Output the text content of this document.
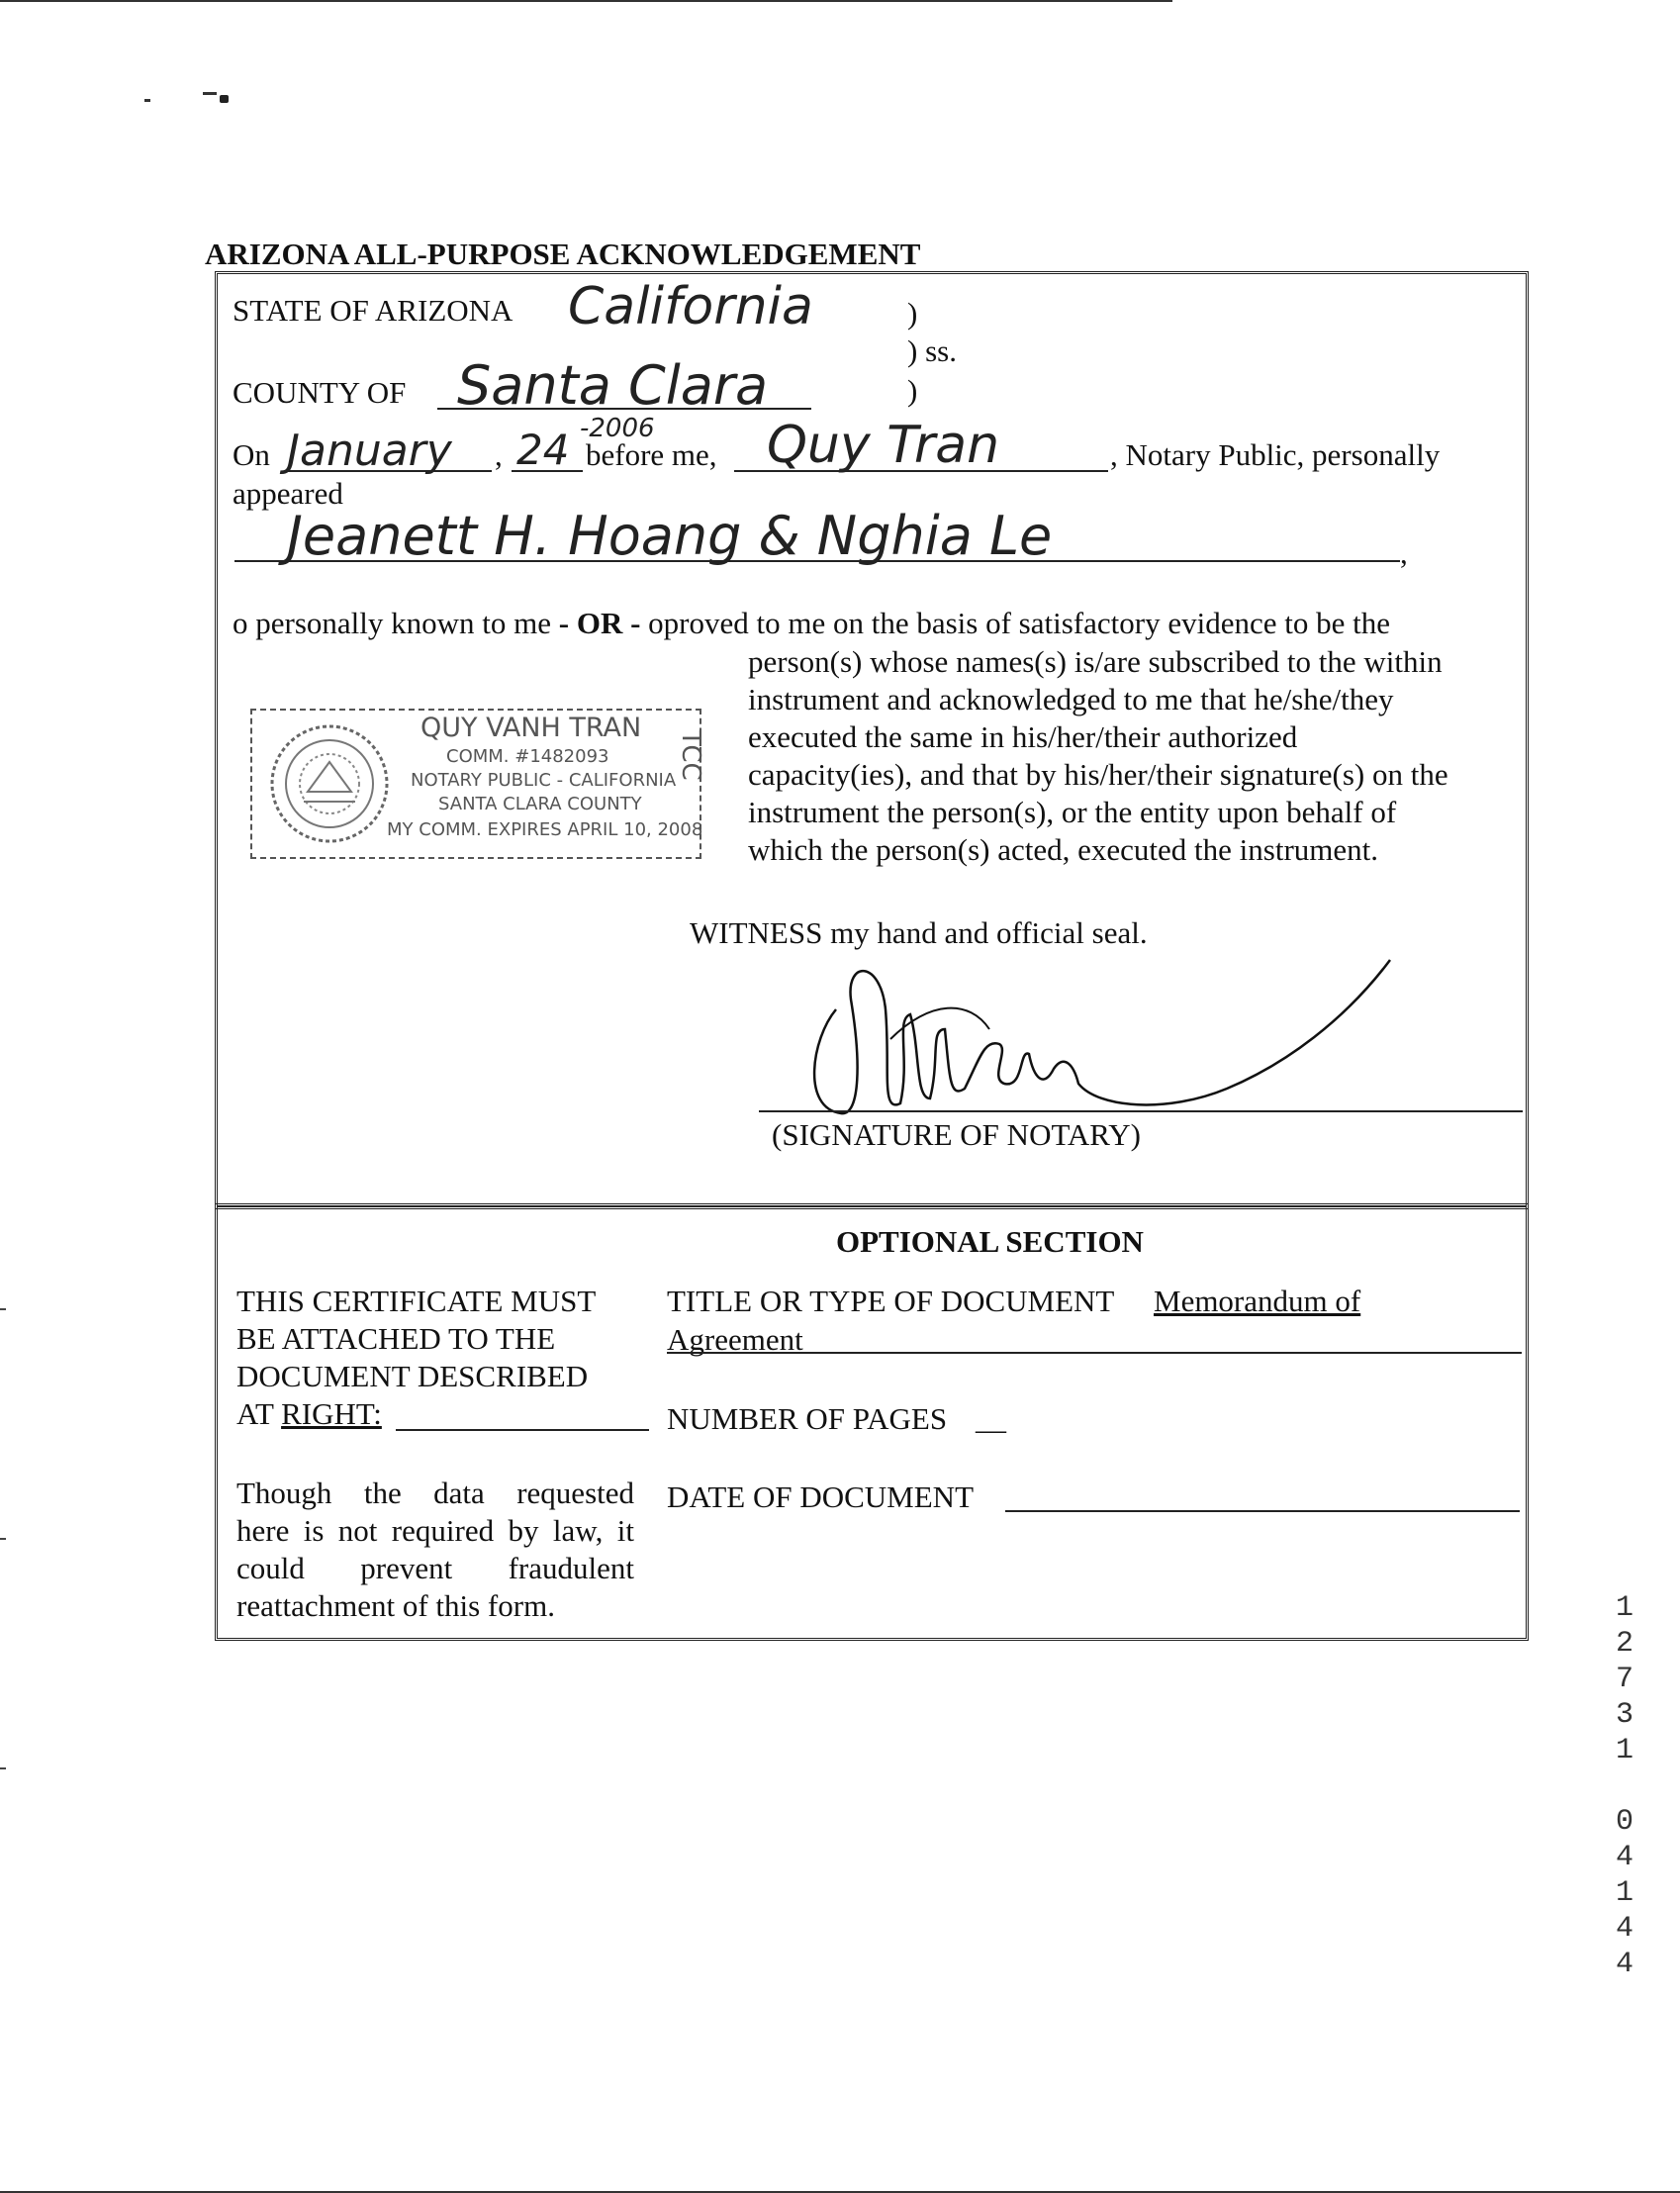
ARIZONA ALL-PURPOSE ACKNOWLEDGEMENT
STATE OF ARIZONA California	)
) ss.
)
COUNTY OF Santa Clara
On January , 24 -2006
before me, Quy Tran	, Notary Public, personally
appeared
Jeanett H. Hoang & Nghia Le	,
o personally known to me - OR - oproved to me on the basis of satisfactory evidence to be the
person(s) whose names(s) is/are subscribed to the within
instrument and acknowledged to me that he/she/they
executed the same in his/her/their authorized
capacity(ies), and that by his/her/their signature(s) on the
instrument the person(s), or the entity upon behalf of
which the person(s) acted, executed the instrument.
QUY VANH TRAN
COMM. #1482093
NOTARY PUBLIC - CALIFORNIA
SANTA CLARA COUNTY
MY COMM. EXPIRES APRIL 10, 2008
TCC
WITNESS my hand and official seal.
(SIGNATURE OF NOTARY)
OPTIONAL SECTION
THIS CERTIFICATE MUST
BE ATTACHED TO THE
DOCUMENT DESCRIBED
AT RIGHT:
Though the data requested
here is not required by law, it
could prevent fraudulent
reattachment of this form.
TITLE OR TYPE OF DOCUMENT Memorandum of
Agreement
NUMBER OF PAGES __
DATE OF DOCUMENT
12731 04144
